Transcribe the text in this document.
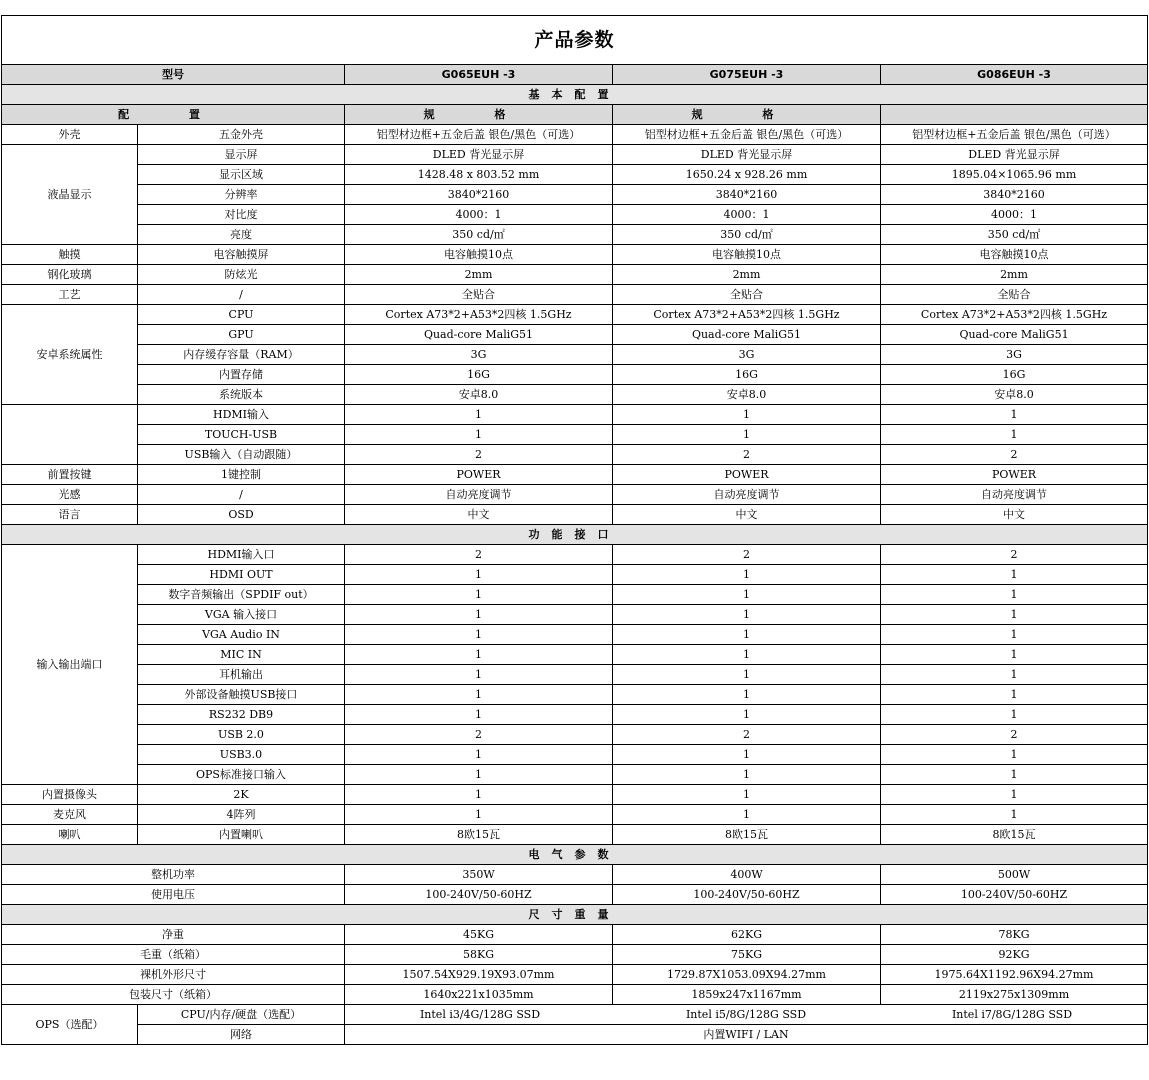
产品参数				
型号		G065EUH -3	G075EUH -3	G086EUH -3
基本配置				
配 置		规 格	规 格	
外壳	五金外壳	铝型材边框+五金后盖 银色/黑色（可选）	铝型材边框+五金后盖 银色/黑色（可选）	铝型材边框+五金后盖 银色/黑色（可选）
液晶显示	显示屏	DLED 背光显示屏	DLED 背光显示屏	DLED 背光显示屏
	显示区域	1428.48 x 803.52 mm	1650.24 x 928.26 mm	1895.04×1065.96 mm
	分辨率	3840*2160	3840*2160	3840*2160
	对比度	4000：1	4000：1	4000：1
	亮度	350 cd/㎡	350 cd/㎡	350 cd/㎡
触摸	电容触摸屏	电容触摸10点	电容触摸10点	电容触摸10点
钢化玻璃	防炫光	2mm	2mm	2mm
工艺	/	全贴合	全贴合	全贴合
安卓系统属性	CPU	Cortex A73*2+A53*2四核 1.5GHz	Cortex A73*2+A53*2四核 1.5GHz	Cortex A73*2+A53*2四核 1.5GHz
	GPU	Quad-core MaliG51	Quad-core MaliG51	Quad-core MaliG51
	内存缓存容量（RAM）	3G	3G	3G
	内置存储	16G	16G	16G
	系统版本	安卓8.0	安卓8.0	安卓8.0
	HDMI输入	1	1	1
	TOUCH-USB	1	1	1
	USB输入（自动跟随）	2	2	2
前置按键	1键控制	POWER	POWER	POWER
光感	/	自动亮度调节	自动亮度调节	自动亮度调节
语言	OSD	中文	中文	中文
功能接口				
输入输出端口	HDMI输入口	2	2	2
	HDMI OUT	1	1	1
	数字音频输出（SPDIF out）	1	1	1
	VGA 输入接口	1	1	1
	VGA Audio IN	1	1	1
	MIC IN	1	1	1
	耳机输出	1	1	1
	外部设备触摸USB接口	1	1	1
	RS232 DB9	1	1	1
	USB 2.0	2	2	2
	USB3.0	1	1	1
	OPS标准接口输入	1	1	1
内置摄像头	2K	1	1	1
麦克风	4阵列	1	1	1
喇叭	内置喇叭	8欧15瓦	8欧15瓦	8欧15瓦
电气参数				
整机功率		350W	400W	500W
使用电压		100-240V/50-60HZ	100-240V/50-60HZ	100-240V/50-60HZ
尺寸重量				
净重		45KG	62KG	78KG
毛重（纸箱）		58KG	75KG	92KG
裸机外形尺寸		1507.54X929.19X93.07mm	1729.87X1053.09X94.27mm	1975.64X1192.96X94.27mm
包装尺寸（纸箱）		1640x221x1035mm	1859x247x1167mm	2119x275x1309mm
OPS（选配）	CPU/内存/硬盘（选配）	Intel i3/4G/128G SSD Intel i5/8G/128G SSD Intel i7/8G/128G SSD		

	网络	内置WIFI / LAN		
